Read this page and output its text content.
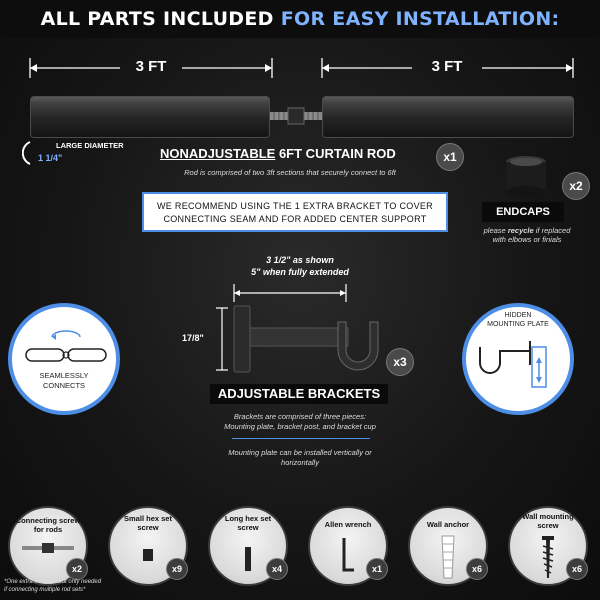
ALL PARTS INCLUDED FOR EASY INSTALLATION:
3 FT	3 FT
LARGE DIAMETER
1 1/4"	NONADJUSTABLE 6FT CURTAIN ROD	x1
Rod is comprised of two 3ft sections that securely connect to 6ft
WE RECOMMEND USING THE 1 EXTRA BRACKET TO COVER
CONNECTING SEAM AND FOR ADDED CENTER SUPPORT
x2
ENDCAPS
please recycle if replaced
with elbows or finials
3 1/2" as shown
5" when fully extended
17/8"
x3
ADJUSTABLE BRACKETS
Brackets are comprised of three pieces:
Mounting plate, bracket post, and bracket cup
Mounting plate can be installed vertically or
horizontally
SEAMLESSLY
CONNECTS
HIDDEN
MOUNTING PLATE
Connecting screw for rods
x2
Small hex set screw
x9
Long hex set screw
x4
Allen wrench
x1
Wall anchor
x6
Wall mounting screw
x6
*One extra included but only needed
if connecting multiple rod sets*
